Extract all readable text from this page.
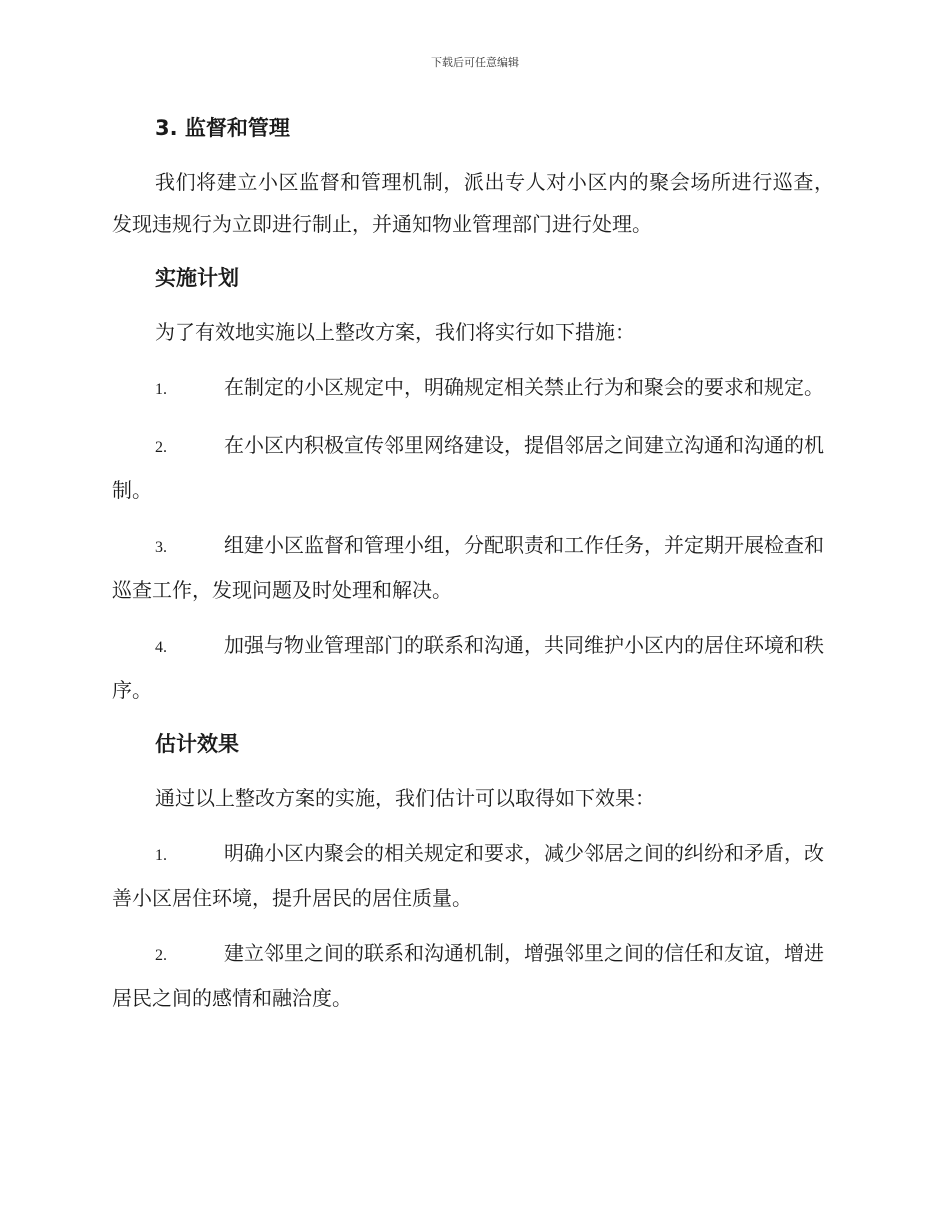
下载后可任意编辑

3. 监督和管理

我们将建立小区监督和管理机制，派出专人对小区内的聚会场所进行巡查，发现违规行为立即进行制止，并通知物业管理部门进行处理。

实施计划

为了有效地实施以上整改方案，我们将实行如下措施：

1.	在制定的小区规定中，明确规定相关禁止行为和聚会的要求和规定。

2.	在小区内积极宣传邻里网络建设，提倡邻居之间建立沟通和沟通的机制。

3.	组建小区监督和管理小组，分配职责和工作任务，并定期开展检查和巡查工作，发现问题及时处理和解决。

4.	加强与物业管理部门的联系和沟通，共同维护小区内的居住环境和秩序。

估计效果

通过以上整改方案的实施，我们估计可以取得如下效果：

1.	明确小区内聚会的相关规定和要求，减少邻居之间的纠纷和矛盾，改善小区居住环境，提升居民的居住质量。

2.	建立邻里之间的联系和沟通机制，增强邻里之间的信任和友谊，增进居民之间的感情和融洽度。
